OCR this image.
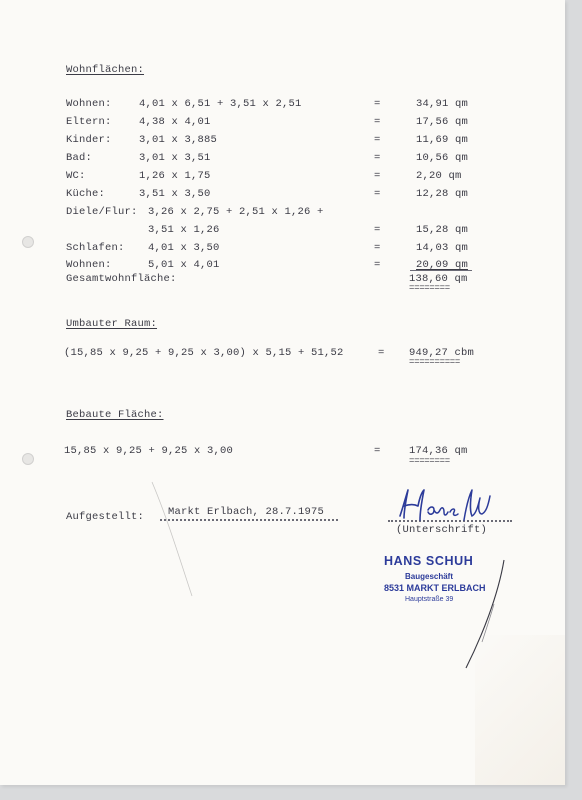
Wohnflächen:
Wohnen:	4,01 x 6,51 + 3,51 x 2,51	=	34,91 qm
Eltern:	4,38 x 4,01	=	17,56 qm
Kinder:	3,01 x 3,885	=	11,69 qm
Bad:	3,01 x 3,51	=	10,56 qm
WC:	1,26 x 1,75	=	2,20 qm
Küche:	3,51 x 3,50	=	12,28 qm
Diele/Flur: 3,26 x 2,75 + 2,51 x 1,26 +
3,51 x 1,26	=	15,28 qm
Schlafen: 4,01 x 3,50	=	14,03 qm
Wohnen:	5,01 x 4,01	=	20,09 qm
Gesamtwohnfläche:	138,60 qm
========
Umbauter Raum:
(15,85 x 9,25 + 9,25 x 3,00) x 5,15 + 51,52	= 949,27 cbm
==========
Bebaute Fläche:
15,85 x 9,25 + 9,25 x 3,00	=	174,36 qm
========
Aufgestellt: Markt Erlbach, 28.7.1975
(Unterschrift)
HANS SCHUH
Baugeschäft
8531 MARKT ERLBACH
Hauptstraße 39
